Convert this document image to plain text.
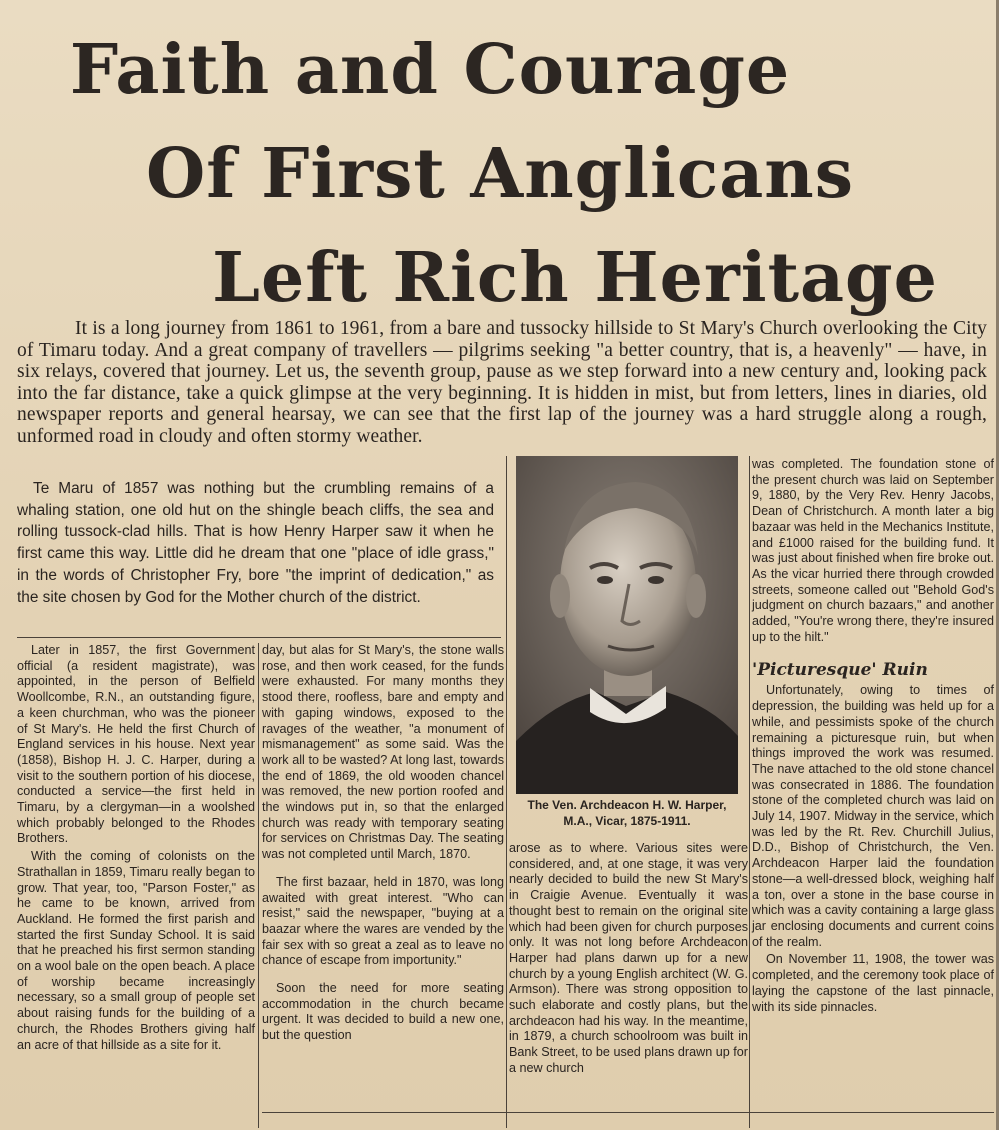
Faith and Courage
Of First Anglicans
Left Rich Heritage

It is a long journey from 1861 to 1961, from a bare and tussocky hillside to St Mary's Church overlooking the City of Timaru today. And a great company of travellers — pilgrims seeking "a better country, that is, a heavenly" — have, in six relays, covered that journey. Let us, the seventh group, pause as we step forward into a new century and, looking pack into the far distance, take a quick glimpse at the very beginning. It is hidden in mist, but from letters, lines in diaries, old newspaper reports and general hearsay, we can see that the first lap of the journey was a hard struggle along a rough, unformed road in cloudy and often stormy weather.

Te Maru of 1857 was nothing but the crumbling remains of a whaling station, one old hut on the shingle beach cliffs, the sea and rolling tussock-clad hills. That is how Henry Harper saw it when he first came this way. Little did he dream that one "place of idle grass," in the words of Christopher Fry, bore "the imprint of dedication," as the site chosen by God for the Mother church of the district.

Later in 1857, the first Government official (a resident magistrate), was appointed, in the person of Belfield Woollcombe, R.N., an outstanding figure, a keen churchman, who was the pioneer of St Mary's. He held the first Church of England services in his house. Next year (1858), Bishop H. J. C. Harper, during a visit to the southern portion of his diocese, conducted a service—the first held in Timaru, by a clergyman—in a woolshed which probably belonged to the Rhodes Brothers.

With the coming of colonists on the Strathallan in 1859, Timaru really began to grow. That year, too, "Parson Foster," as he came to be known, arrived from Auckland. He formed the first parish and started the first Sunday School. It is said that he preached his first sermon standing on a wool bale on the open beach. A place of worship became increasingly necessary, so a small group of people set about raising funds for the building of a church, the Rhodes Brothers giving half an acre of that hillside as a site for it.

day, but alas for St Mary's, the stone walls rose, and then work ceased, for the funds were exhausted. For many months they stood there, roofless, bare and empty and with gaping windows, exposed to the ravages of the weather, "a monument of mismanagement" as some said. Was the work all to be wasted? At long last, towards the end of 1869, the old wooden chancel was removed, the new portion roofed and the windows put in, so that the enlarged church was ready with temporary seating for services on Christmas Day. The seating was not completed until March, 1870.

The first bazaar, held in 1870, was long awaited with great interest. "Who can resist," said the newspaper, "buying at a baazar where the wares are vended by the fair sex with so great a zeal as to leave no chance of escape from importunity."

Soon the need for more seating accommodation in the church became urgent. It was decided to build a new one, but the question

The Ven. Archdeacon H. W. Harper, M.A., Vicar, 1875-1911.

arose as to where. Various sites were considered, and, at one stage, it was very nearly decided to build the new St Mary's in Craigie Avenue. Eventually it was thought best to remain on the original site which had been given for church purposes only. It was not long before Archdeacon Harper had plans darwn up for a new church by a young English architect (W. G. Armson). There was strong opposition to such elaborate and costly plans, but the archdeacon had his way. In the meantime, in 1879, a church schoolroom was built in Bank Street, to be used plans drawn up for a new church

was completed. The foundation stone of the present church was laid on September 9, 1880, by the Very Rev. Henry Jacobs, Dean of Christchurch. A month later a big bazaar was held in the Mechanics Institute, and £1000 raised for the building fund. It was just about finished when fire broke out. As the vicar hurried there through crowded streets, someone called out "Behold God's judgment on church bazaars," and another added, "You're wrong there, they're insured up to the hilt."

'Picturesque' Ruin

Unfortunately, owing to times of depression, the building was held up for a while, and pessimists spoke of the church remaining a picturesque ruin, but when things improved the work was resumed. The nave attached to the old stone chancel was consecrated in 1886. The foundation stone of the completed church was laid on July 14, 1907. Midway in the service, which was led by the Rt. Rev. Churchill Julius, D.D., Bishop of Christchurch, the Ven. Archdeacon Harper laid the foundation stone—a well-dressed block, weighing half a ton, over a stone in the base course in which was a cavity containing a large glass jar enclosing documents and current coins of the realm.

On November 11, 1908, the tower was completed, and the ceremony took place of laying the capstone of the last pinnacle, with its side pinnacles.
